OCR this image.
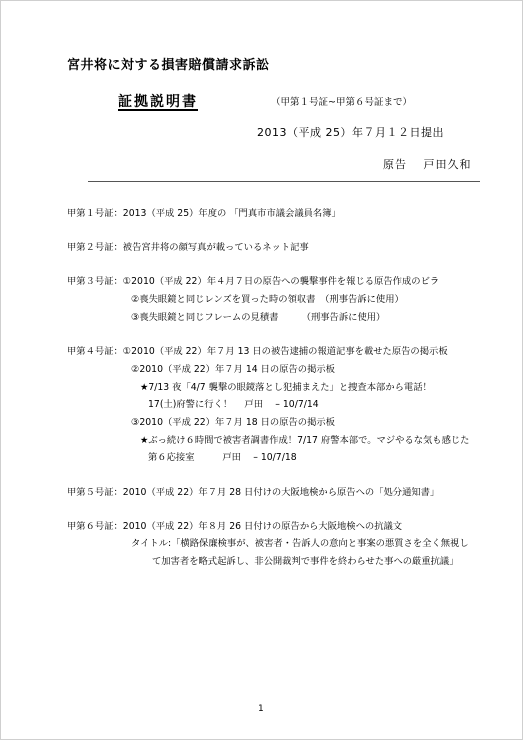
宮井将に対する損害賠償請求訴訟
証拠説明書	（甲第１号証~甲第６号証まで）
2013（平成 25）年７月１２日提出
原告　 戸田久和
甲第１号証：2013（平成 25）年度の 「門真市市議会議員名簿」
甲第２号証：被告宮井将の顔写真が載っているネット記事
甲第３号証：①2010（平成 22）年４月７日の原告への襲撃事件を報じる原告作成のビラ
②喪失眼鏡と同じレンズを買った時の領収書　（刑事告訴に使用）
③喪失眼鏡と同じフレームの見積書　　　（刑事告訴に使用）
甲第４号証：①2010（平成 22）年７月 13 日の被告逮捕の報道記事を載せた原告の掲示板
②2010（平成 22）年７月 14 日の原告の掲示板
★7/13 夜「4/7 襲撃の眼鏡落とし犯捕まえた」と捜査本部から電話！
17(土)府警に行く！　 戸田　 – 10/7/14
③2010（平成 22）年７月 18 日の原告の掲示板
★ぶっ続け６時間で被害者調書作成！7/17 府警本部で。マジやるな気も感じた
第６応接室　　　戸田　 – 10/7/18
甲第５号証：2010（平成 22）年７月 28 日付けの大阪地検から原告への「処分通知書」
甲第６号証：2010（平成 22）年８月 26 日付けの原告から大阪地検への抗議文
タイトル:「横路保廉検事が、被害者・告訴人の意向と事案の悪質さを全く無視し
て加害者を略式起訴し、非公開裁判で事件を終わらせた事への厳重抗議」
1
